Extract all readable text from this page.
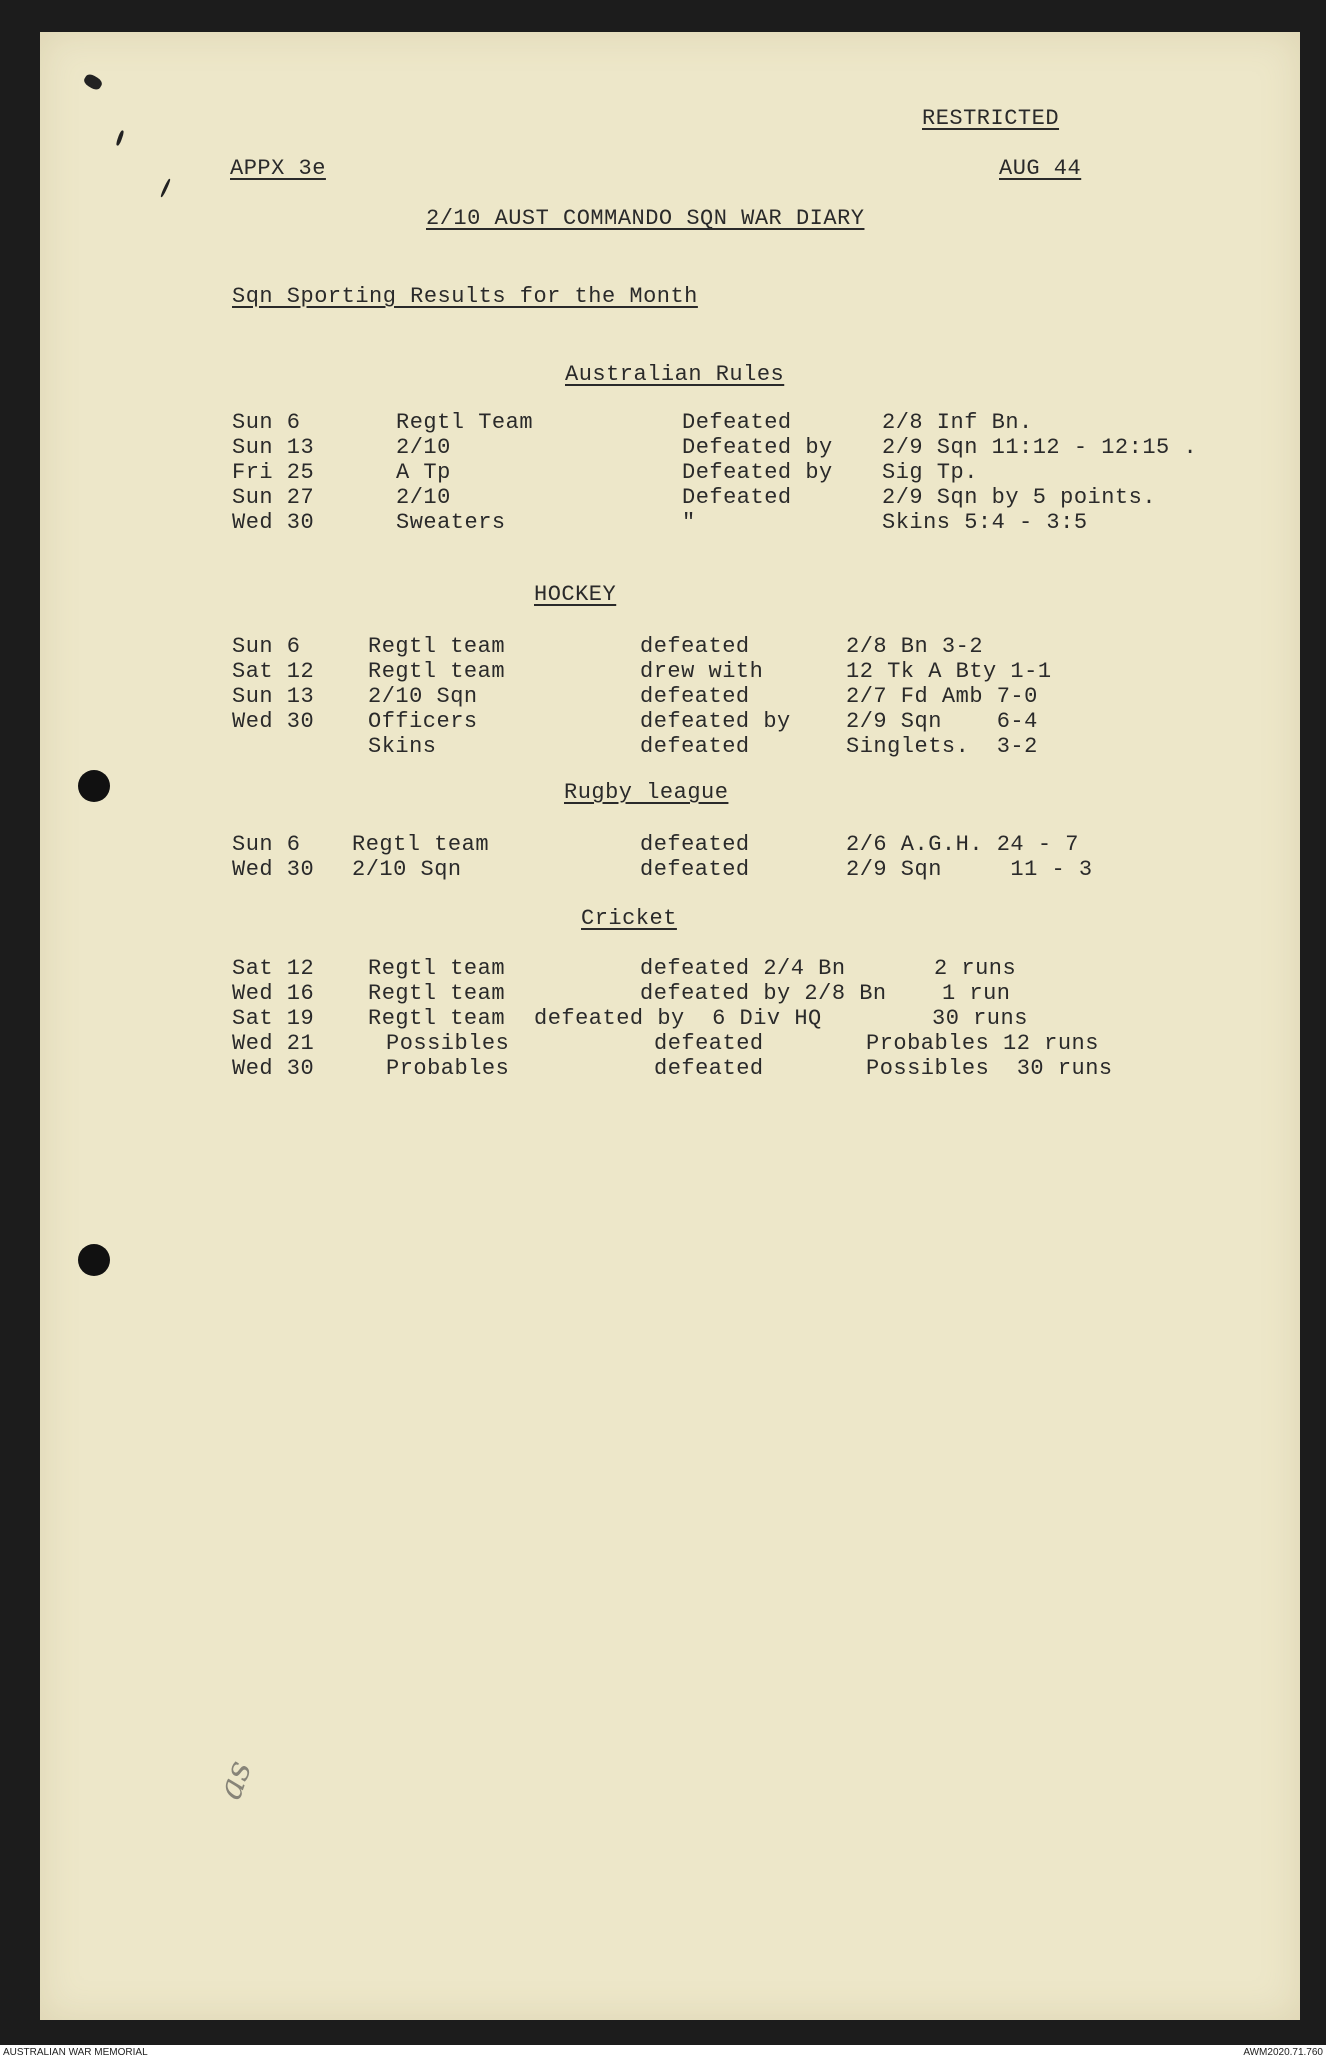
RESTRICTED
APPX 3e	AUG 44
2/10 AUST COMMANDO SQN WAR DIARY
Sqn Sporting Results for the Month
Australian Rules
Sun 6	Regtl Team	Defeated	2/8 Inf Bn.
Sun 13	2/10	Defeated by 2/9 Sqn 11:12 - 12:15 .
Fri 25	A Tp	Defeated by Sig Tp.
Sun 27	2/10	Defeated	2/9 Sqn by 5 points.
Wed 30	Sweaters	"	Skins 5:4 - 3:5
HOCKEY
Sun 6	Regtl team	defeated	2/8 Bn 3-2
Sat 12 Regtl team	drew with	12 Tk A Bty 1-1
Sun 13 2/10 Sqn	defeated	2/7 Fd Amb 7-0
Wed 30 Officers	defeated by	2/9 Sqn    6-4
Skins	defeated	Singlets.  3-2
Rugby league
Sun 6 Regtl team	defeated	2/6 A.G.H. 24 - 7
Wed 30 2/10 Sqn	defeated	2/9 Sqn     11 - 3
Cricket
Sat 12 Regtl team	defeated 2/4 Bn	2 runs
Wed 16 Regtl team	defeated by 2/8 Bn	1 run
Sat 19 Regtl team defeated by  6 Div HQ	30 runs
Wed 21	Possibles	defeated	Probables 12 runs
Wed 30	Probables	defeated	Possibles  30 runs
as
AUSTRALIAN WAR MEMORIAL	AWM2020.71.760
